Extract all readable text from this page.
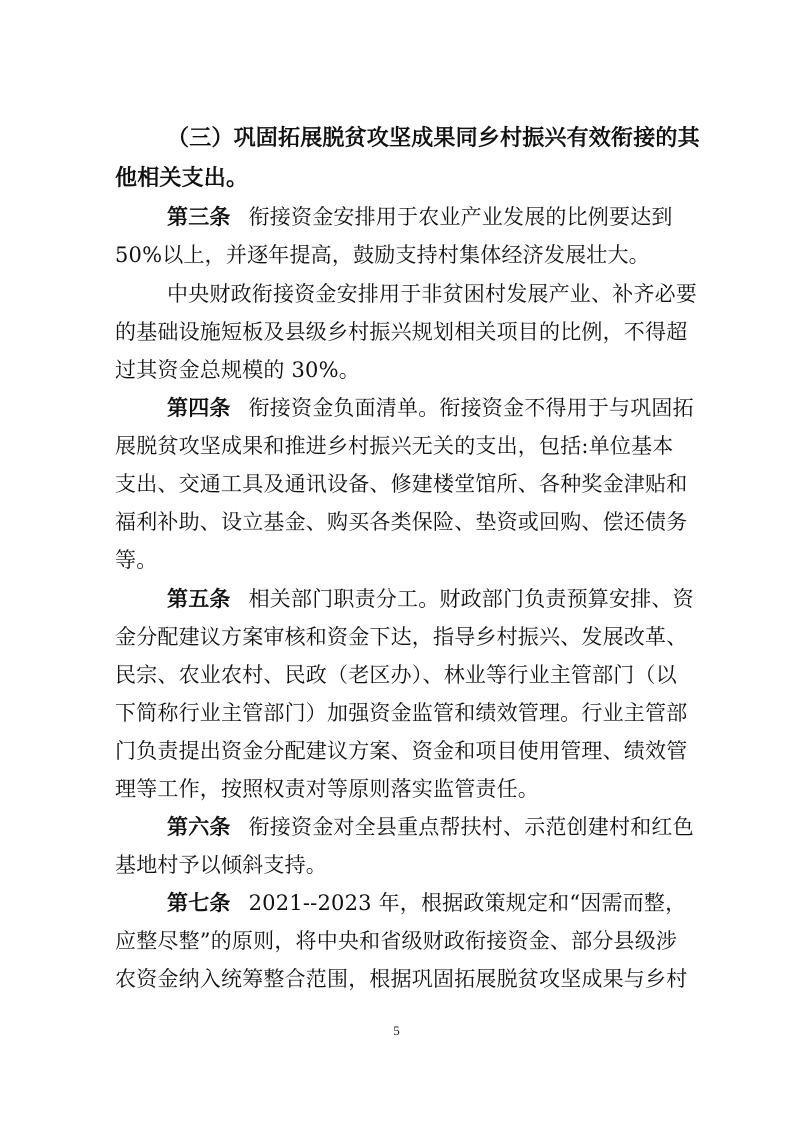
（三）巩固拓展脱贫攻坚成果同乡村振兴有效衔接的其
他相关支出。
第三条 衔接资金安排用于农业产业发展的比例要达到
50%以上，并逐年提高，鼓励支持村集体经济发展壮大。
中央财政衔接资金安排用于非贫困村发展产业、补齐必要
的基础设施短板及县级乡村振兴规划相关项目的比例，不得超
过其资金总规模的 30%。
第四条 衔接资金负面清单。衔接资金不得用于与巩固拓
展脱贫攻坚成果和推进乡村振兴无关的支出，包括:单位基本
支出、交通工具及通讯设备、修建楼堂馆所、各种奖金津贴和
福利补助、设立基金、购买各类保险、垫资或回购、偿还债务
等。
第五条 相关部门职责分工。财政部门负责预算安排、资
金分配建议方案审核和资金下达，指导乡村振兴、发展改革、
民宗、农业农村、民政（老区办）、林业等行业主管部门（以
下简称行业主管部门）加强资金监管和绩效管理。行业主管部
门负责提出资金分配建议方案、资金和项目使用管理、绩效管
理等工作，按照权责对等原则落实监管责任。
第六条 衔接资金对全县重点帮扶村、示范创建村和红色
基地村予以倾斜支持。
第七条 2021--2023 年，根据政策规定和“因需而整，
应整尽整”的原则，将中央和省级财政衔接资金、部分县级涉
农资金纳入统筹整合范围，根据巩固拓展脱贫攻坚成果与乡村
5
